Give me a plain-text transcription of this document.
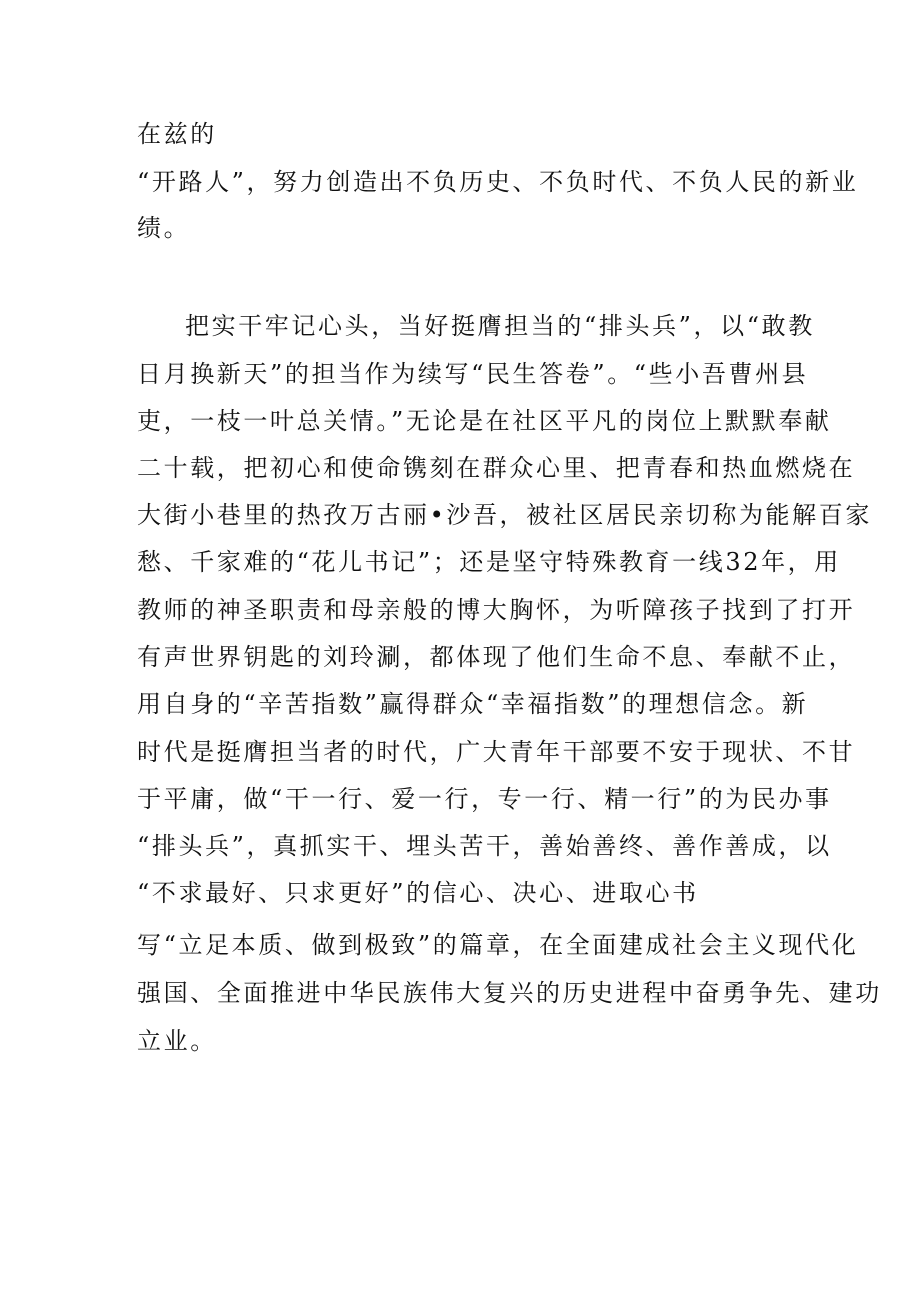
在兹的

“开路人”，努力创造出不负历史、不负时代、不负人民的新业

绩。

把实干牢记心头，当好挺膺担当的“排头兵”，以“敢教

日月换新天”的担当作为续写“民生答卷”。“些小吾曹州县

吏，一枝一叶总关情。”无论是在社区平凡的岗位上默默奉献

二十载，把初心和使命镌刻在群众心里、把青春和热血燃烧在

大街小巷里的热孜万古丽•沙吾，被社区居民亲切称为能解百家

愁、千家难的“花儿书记”；还是坚守特殊教育一线32年，用

教师的神圣职责和母亲般的博大胸怀，为听障孩子找到了打开

有声世界钥匙的刘玲涮，都体现了他们生命不息、奉献不止，

用自身的“辛苦指数”赢得群众“幸福指数”的理想信念。新

时代是挺膺担当者的时代，广大青年干部要不安于现状、不甘

于平庸，做“干一行、爱一行，专一行、精一行”的为民办事

“排头兵”，真抓实干、埋头苦干，善始善终、善作善成，以

“不求最好、只求更好”的信心、决心、进取心书

写“立足本质、做到极致”的篇章，在全面建成社会主义现代化

强国、全面推进中华民族伟大复兴的历史进程中奋勇争先、建功

立业。
